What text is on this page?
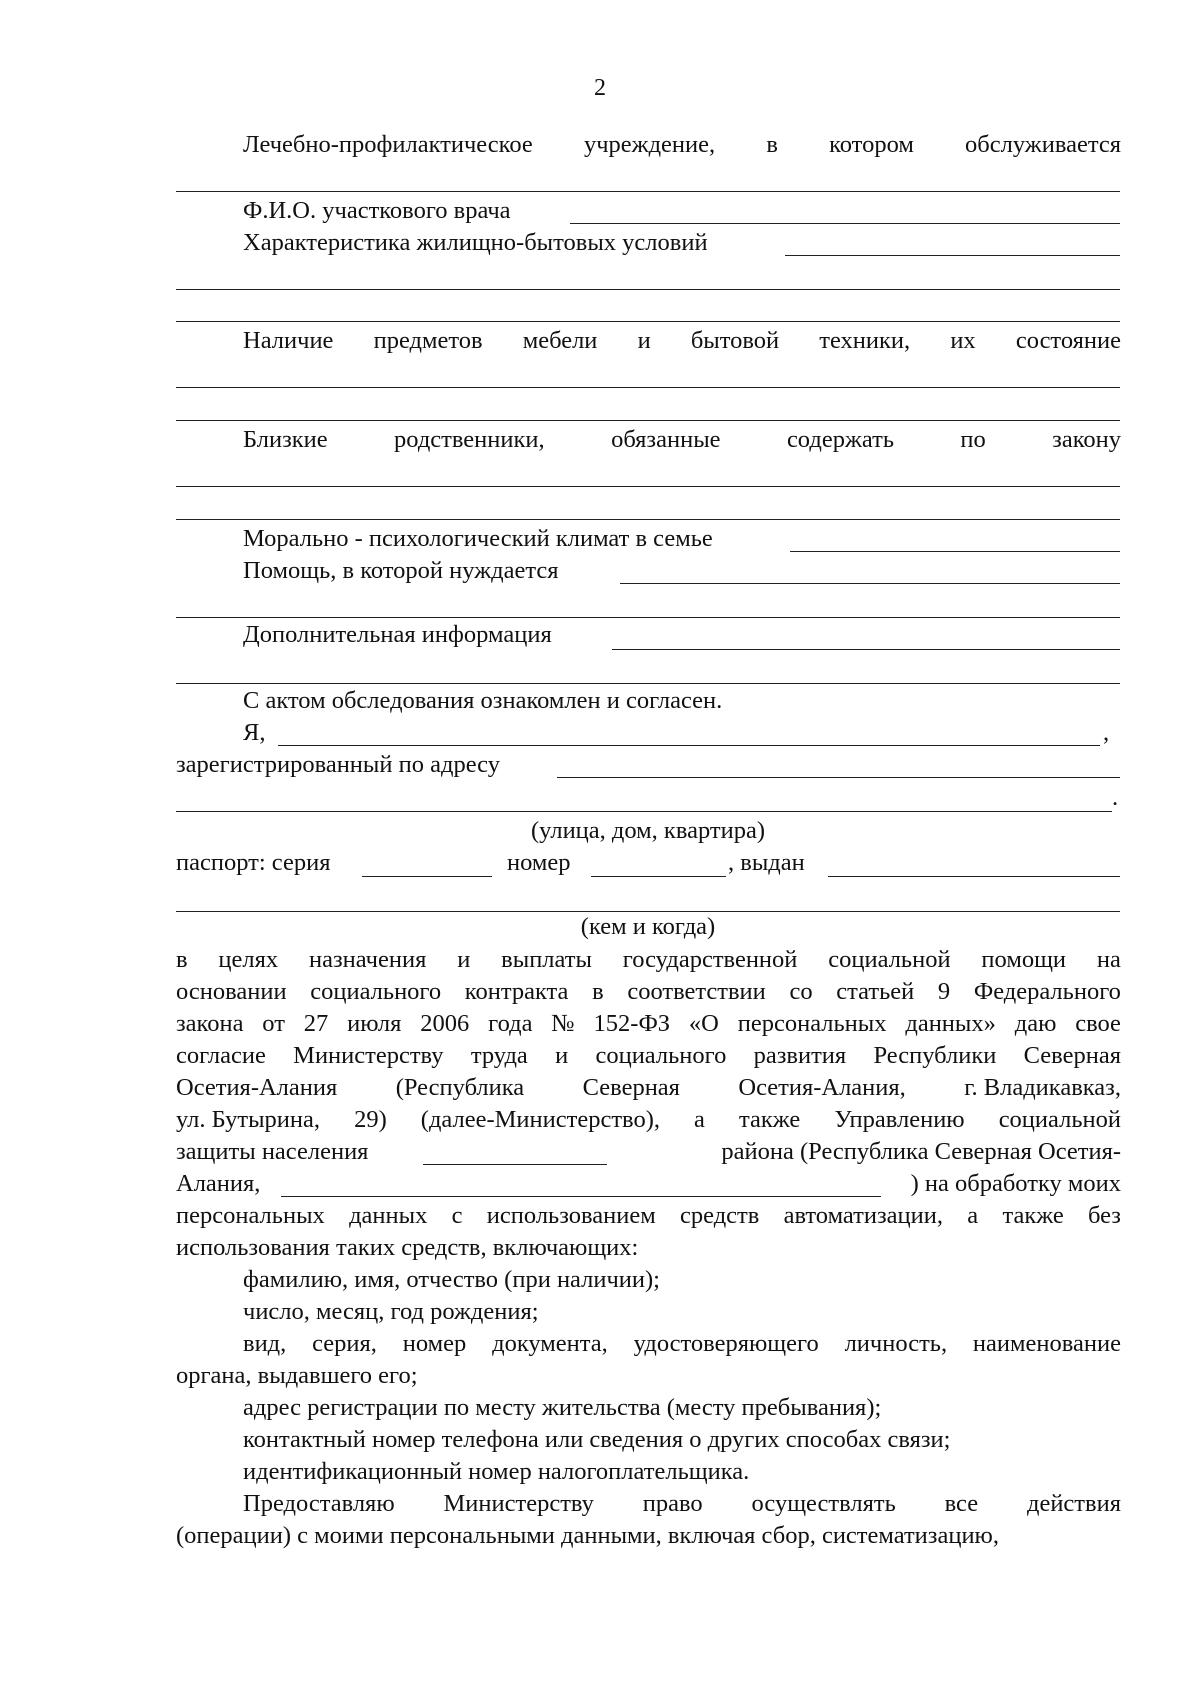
2
Лечебно-профилактическое учреждение, в котором обслуживается
Ф.И.О. участкового врача
Характеристика жилищно-бытовых условий
Наличие предметов мебели и бытовой техники, их состояние
Близкие	родственники,	обязанные	содержать	по	закону
Морально - психологический климат в семье
Помощь, в которой нуждается
Дополнительная информация
С актом обследования ознакомлен и согласен.
Я,	,
зарегистрированный по адресу
.
(улица, дом, квартира)
паспорт: серия	номер	, выдан
(кем и когда)
в целях назначения и выплаты государственной социальной помощи на
основании социального контракта в соответствии со статьей 9 Федерального
закона от 27 июля 2006 года № 152-ФЗ «О персональных данных» даю свое
согласие Министерству труда и социального развития Республики Северная
Осетия-Алания (Республика Северная Осетия-Алания, г. Владикавказ,
ул. Бутырина, 29) (далее-Министерство), а также Управлению социальной
защиты населения	района (Республика Северная Осетия-
Алания,	) на обработку моих
персональных данных с использованием средств автоматизации, а также без
использования таких средств, включающих:
фамилию, имя, отчество (при наличии);
число, месяц, год рождения;
вид, серия, номер документа, удостоверяющего личность, наименование
органа, выдавшего его;
адрес регистрации по месту жительства (месту пребывания);
контактный номер телефона или сведения о других способах связи;
идентификационный номер налогоплательщика.
Предоставляю Министерству право осуществлять все действия
(операции) с моими персональными данными, включая сбор, систематизацию,
